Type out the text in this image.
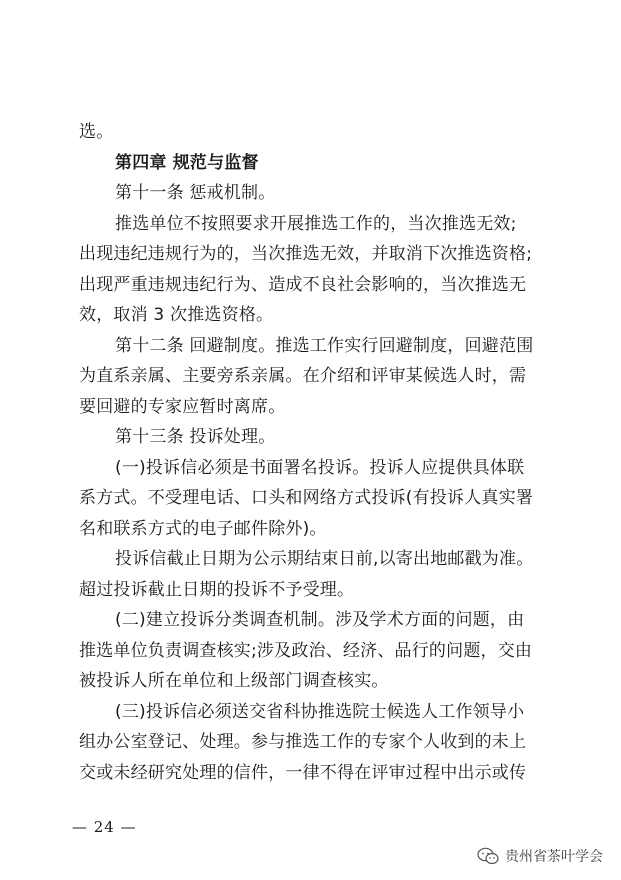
选。
第四章 规范与监督
第十一条 惩戒机制。
推选单位不按照要求开展推选工作的，当次推选无效;
出现违纪违规行为的，当次推选无效，并取消下次推选资格;
出现严重违规违纪行为、造成不良社会影响的，当次推选无
效，取消 3 次推选资格。
第十二条 回避制度。推选工作实行回避制度，回避范围
为直系亲属、主要旁系亲属。在介绍和评审某候选人时，需
要回避的专家应暂时离席。
第十三条 投诉处理。
(一)投诉信必须是书面署名投诉。投诉人应提供具体联
系方式。不受理电话、口头和网络方式投诉(有投诉人真实署
名和联系方式的电子邮件除外)。
投诉信截止日期为公示期结束日前,以寄出地邮戳为准。
超过投诉截止日期的投诉不予受理。
(二)建立投诉分类调查机制。涉及学术方面的问题，由
推选单位负责调查核实;涉及政治、经济、品行的问题，交由
被投诉人所在单位和上级部门调查核实。
(三)投诉信必须送交省科协推选院士候选人工作领导小
组办公室登记、处理。参与推选工作的专家个人收到的未上
交或未经研究处理的信件，一律不得在评审过程中出示或传
— 24 —
贵州省茶叶学会
